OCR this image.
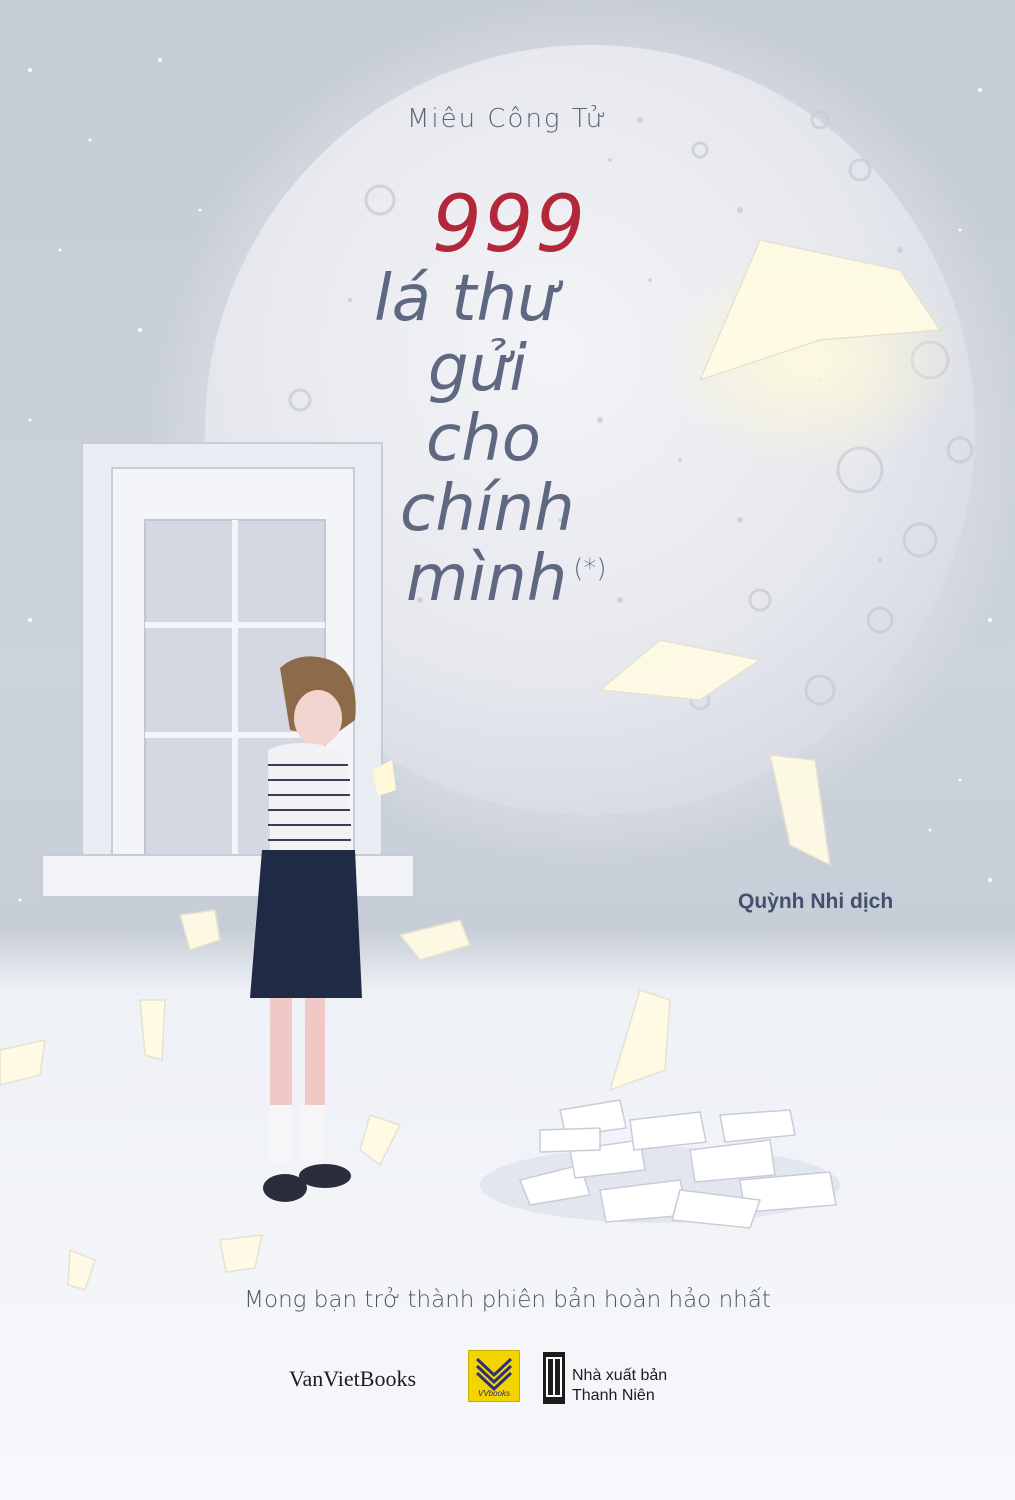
Miêu Công Tử
999
lá thư
gửi
cho
chính
mình (*)
Quỳnh Nhi dịch
Mong bạn trở thành phiên bản hoàn hảo nhất
VanVietBooks
VVbooks
Nhà xuất bản
Thanh Niên
